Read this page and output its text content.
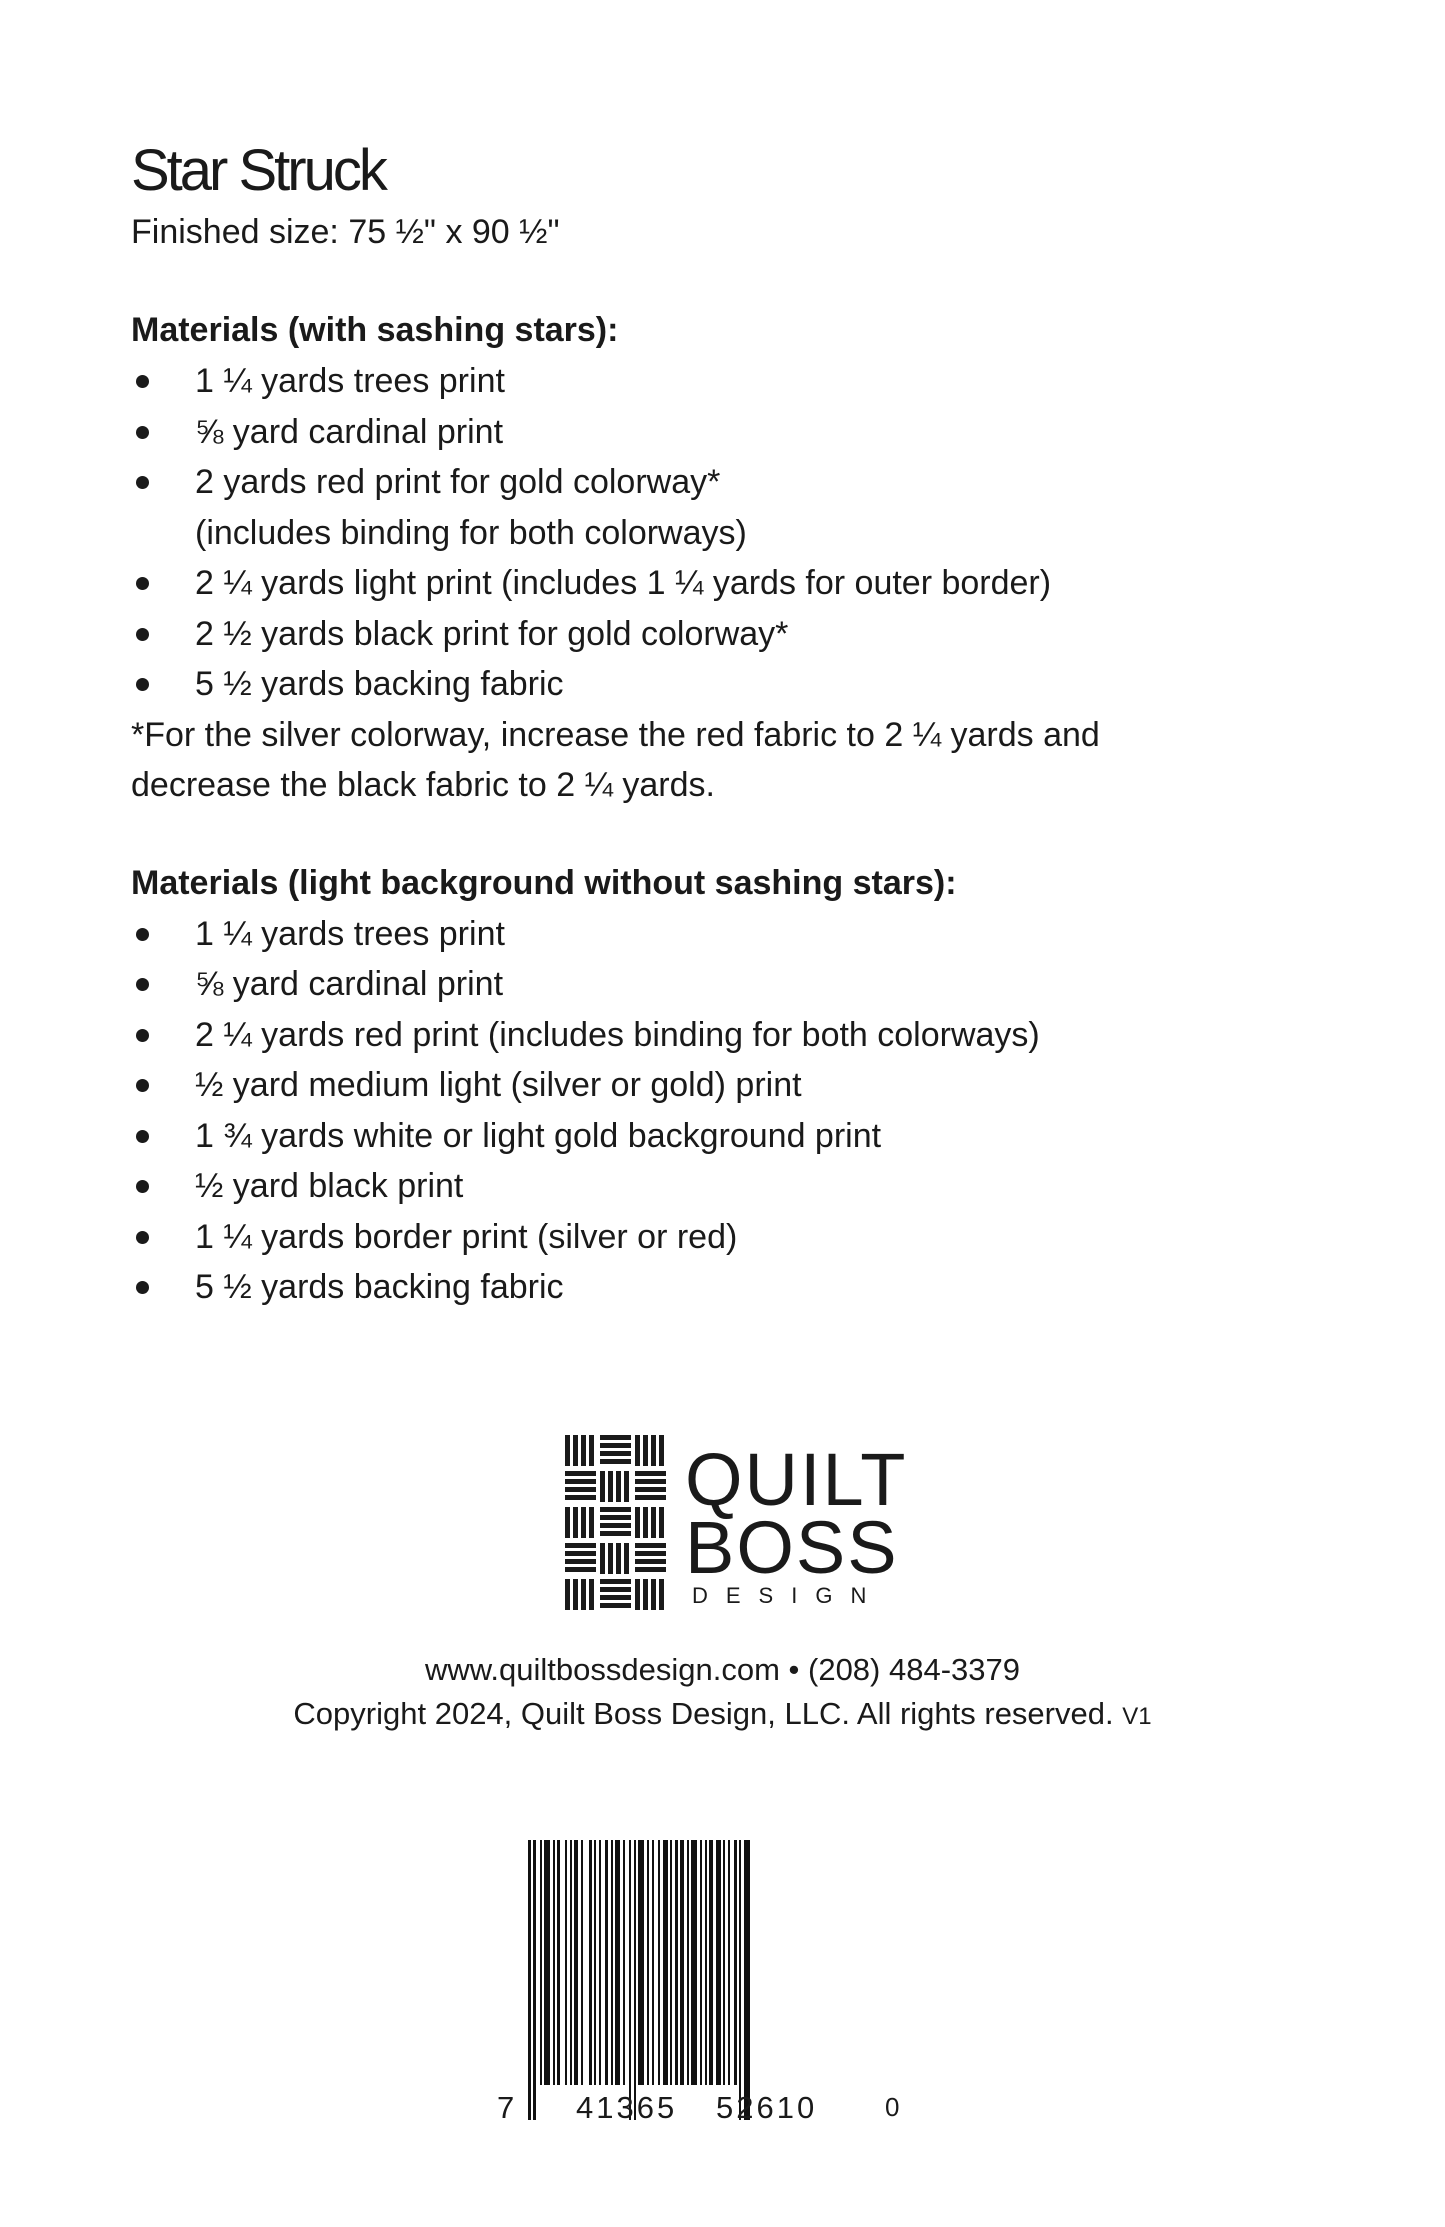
Star Struck

Finished size: 75 ½" x 90 ½"

Materials (with sashing stars):

1 ¼ yards trees print
⅝ yard cardinal print
2 yards red print for gold colorway*
(includes binding for both colorways)
2 ¼ yards light print (includes 1 ¼ yards for outer border)
2 ½ yards black print for gold colorway*
5 ½ yards backing fabric

*For the silver colorway, increase the red fabric to 2 ¼ yards and

decrease the black fabric to 2 ¼ yards.

Materials (light background without sashing stars):

1 ¼ yards trees print
⅝ yard cardinal print
2 ¼ yards red print (includes binding for both colorways)
½ yard medium light (silver or gold) print
1 ¾ yards white or light gold background print
½ yard black print
1 ¼ yards border print (silver or red)
5 ½ yards backing fabric
QUILT
BOSS
DESIGN
www.quiltbossdesign.com • (208) 484-3379
Copyright 2024, Quilt Boss Design, LLC. All rights reserved. V1
7 41365 52610	0
